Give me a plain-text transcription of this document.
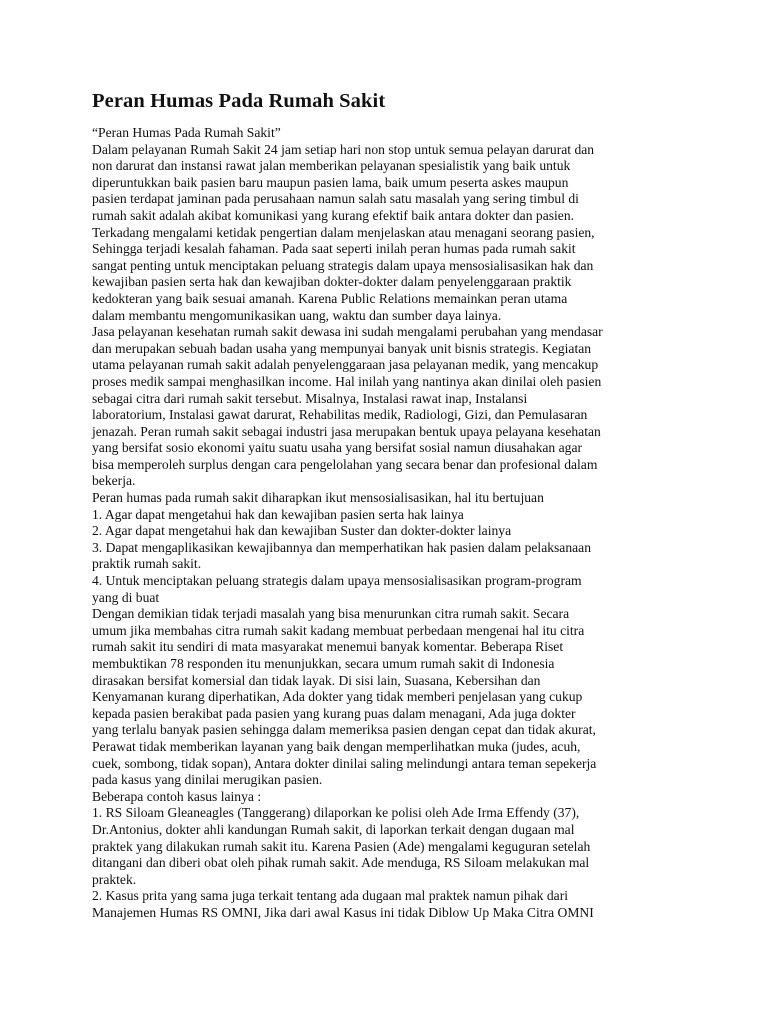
Peran Humas Pada Rumah Sakit
“Peran Humas Pada Rumah Sakit”
Dalam pelayanan Rumah Sakit 24 jam setiap hari non stop untuk semua pelayan darurat dan
non darurat dan instansi rawat jalan memberikan pelayanan spesialistik yang baik untuk
diperuntukkan baik pasien baru maupun pasien lama, baik umum peserta askes maupun
pasien terdapat jaminan pada perusahaan namun salah satu masalah yang sering timbul di
rumah sakit adalah akibat komunikasi yang kurang efektif baik antara dokter dan pasien.
Terkadang mengalami ketidak pengertian dalam menjelaskan atau menagani seorang pasien,
Sehingga terjadi kesalah fahaman. Pada saat seperti inilah peran humas pada rumah sakit
sangat penting untuk menciptakan peluang strategis dalam upaya mensosialisasikan hak dan
kewajiban pasien serta hak dan kewajiban dokter-dokter dalam penyelenggaraan praktik
kedokteran yang baik sesuai amanah. Karena Public Relations memainkan peran utama
dalam membantu mengomunikasikan uang, waktu dan sumber daya lainya.
Jasa pelayanan kesehatan rumah sakit dewasa ini sudah mengalami perubahan yang mendasar
dan merupakan sebuah badan usaha yang mempunyai banyak unit bisnis strategis. Kegiatan
utama pelayanan rumah sakit adalah penyelenggaraan jasa pelayanan medik, yang mencakup
proses medik sampai menghasilkan income. Hal inilah yang nantinya akan dinilai oleh pasien
sebagai citra dari rumah sakit tersebut. Misalnya, Instalasi rawat inap, Instalansi
laboratorium, Instalasi gawat darurat, Rehabilitas medik, Radiologi, Gizi, dan Pemulasaran
jenazah. Peran rumah sakit sebagai industri jasa merupakan bentuk upaya pelayana kesehatan
yang bersifat sosio ekonomi yaitu suatu usaha yang bersifat sosial namun diusahakan agar
bisa memperoleh surplus dengan cara pengelolahan yang secara benar dan profesional dalam
bekerja.
Peran humas pada rumah sakit diharapkan ikut mensosialisasikan, hal itu bertujuan
1. Agar dapat mengetahui hak dan kewajiban pasien serta hak lainya
2. Agar dapat mengetahui hak dan kewajiban Suster dan dokter-dokter lainya
3. Dapat mengaplikasikan kewajibannya dan memperhatikan hak pasien dalam pelaksanaan
praktik rumah sakit.
4. Untuk menciptakan peluang strategis dalam upaya mensosialisasikan program-program
yang di buat
Dengan demikian tidak terjadi masalah yang bisa menurunkan citra rumah sakit. Secara
umum jika membahas citra rumah sakit kadang membuat perbedaan mengenai hal itu citra
rumah sakit itu sendiri di mata masyarakat menemui banyak komentar. Beberapa Riset
membuktikan 78 responden itu menunjukkan, secara umum rumah sakit di Indonesia
dirasakan bersifat komersial dan tidak layak. Di sisi lain, Suasana, Kebersihan dan
Kenyamanan kurang diperhatikan, Ada dokter yang tidak memberi penjelasan yang cukup
kepada pasien berakibat pada pasien yang kurang puas dalam menagani, Ada juga dokter
yang terlalu banyak pasien sehingga dalam memeriksa pasien dengan cepat dan tidak akurat,
Perawat tidak memberikan layanan yang baik dengan memperlihatkan muka (judes, acuh,
cuek, sombong, tidak sopan), Antara dokter dinilai saling melindungi antara teman sepekerja
pada kasus yang dinilai merugikan pasien.
Beberapa contoh kasus lainya :
1. RS Siloam Gleaneagles (Tanggerang) dilaporkan ke polisi oleh Ade Irma Effendy (37),
Dr.Antonius, dokter ahli kandungan Rumah sakit, di laporkan terkait dengan dugaan mal
praktek yang dilakukan rumah sakit itu. Karena Pasien (Ade) mengalami keguguran setelah
ditangani dan diberi obat oleh pihak rumah sakit. Ade menduga, RS Siloam melakukan mal
praktek.
2. Kasus prita yang sama juga terkait tentang ada dugaan mal praktek namun pihak dari
Manajemen Humas RS OMNI, Jika dari awal Kasus ini tidak Diblow Up Maka Citra OMNI
